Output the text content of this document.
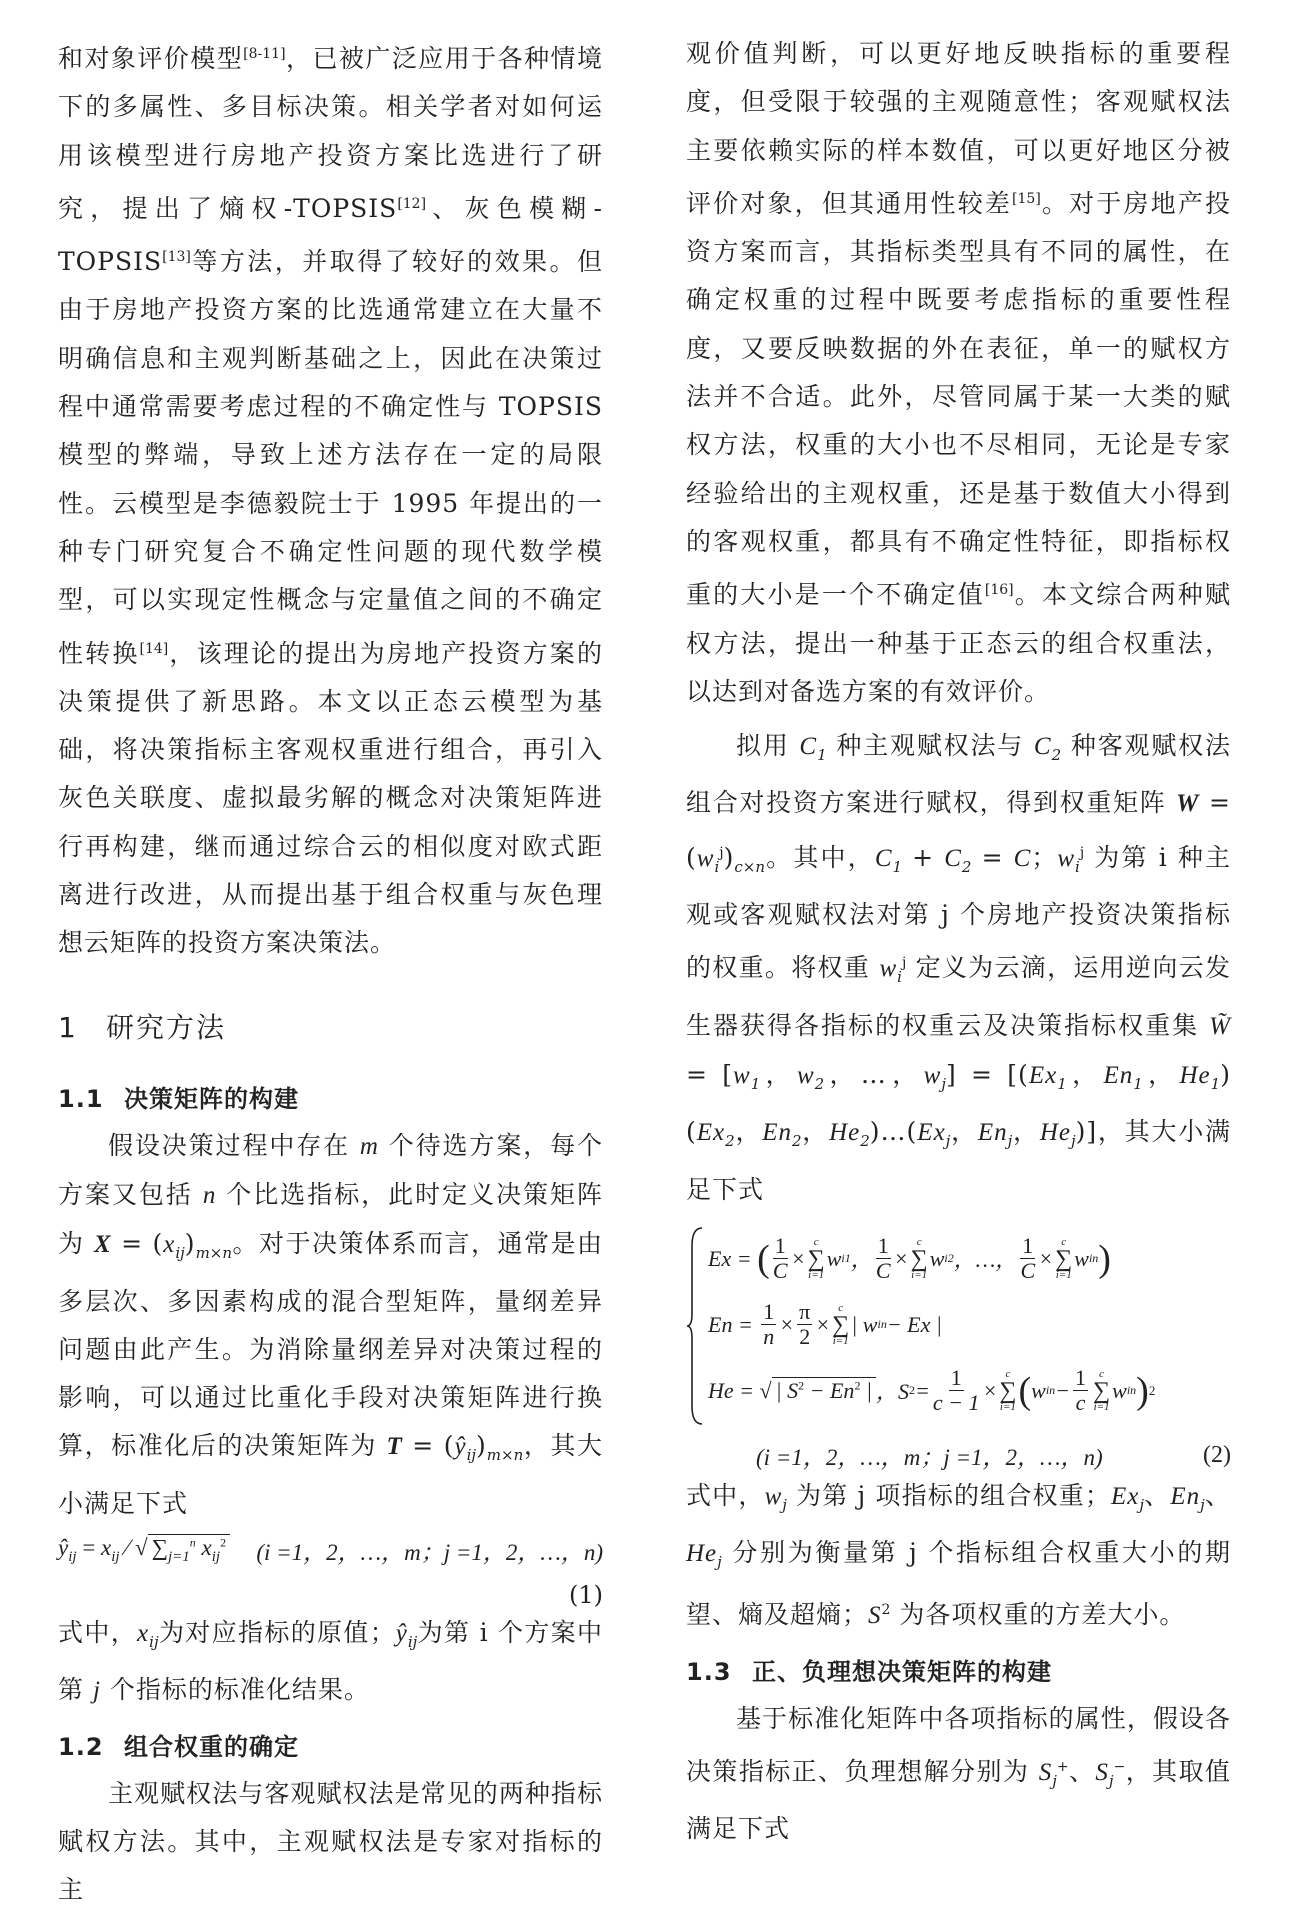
和对象评价模型[8-11]，已被广泛应用于各种情境下的多属性、多目标决策。相关学者对如何运用该模型进行房地产投资方案比选进行了研究，提出了熵权-TOPSIS[12]、灰色模糊-TOPSIS[13]等方法，并取得了较好的效果。但由于房地产投资方案的比选通常建立在大量不明确信息和主观判断基础之上，因此在决策过程中通常需要考虑过程的不确定性与 TOPSIS 模型的弊端，导致上述方法存在一定的局限性。云模型是李德毅院士于 1995 年提出的一种专门研究复合不确定性问题的现代数学模型，可以实现定性概念与定量值之间的不确定性转换[14]，该理论的提出为房地产投资方案的决策提供了新思路。本文以正态云模型为基础，将决策指标主客观权重进行组合，再引入灰色关联度、虚拟最劣解的概念对决策矩阵进行再构建，继而通过综合云的相似度对欧式距离进行改进，从而提出基于组合权重与灰色理想云矩阵的投资方案决策法。

1 研究方法
1.1 决策矩阵的构建

假设决策过程中存在 m 个待选方案，每个方案又包括 n 个比选指标，此时定义决策矩阵为 $X = (x_{ij})_{m\times n}$。对于决策体系而言，通常是由多层次、多因素构成的混合型矩阵，量纲差异问题由此产生。为消除量纲差异对决策过程的影响，可以通过比重化手段对决策矩阵进行换算，标准化后的决策矩阵为 $T = (ŷ_{ij})_{m\times n}$，其大小满足下式

$ŷ_{ij} = x_{ij}$ ⁄ √ $\sum_{j=1}^n$ $x_{ij}^2$ (i =1，2，…，m；j =1，2，…，n)
(1)

式中，$x_{ij}$为对应指标的原值；$ŷ_{ij}$为第 i 个方案中第 j 个指标的标准化结果。

1.2 组合权重的确定

主观赋权法与客观赋权法是常见的两种指标赋权方法。其中，主观赋权法是专家对指标的主

观价值判断，可以更好地反映指标的重要程度，但受限于较强的主观随意性；客观赋权法主要依赖实际的样本数值，可以更好地区分被评价对象，但其通用性较差[15]。对于房地产投资方案而言，其指标类型具有不同的属性，在确定权重的过程中既要考虑指标的重要性程度，又要反映数据的外在表征，单一的赋权方法并不合适。此外，尽管同属于某一大类的赋权方法，权重的大小也不尽相同，无论是专家经验给出的主观权重，还是基于数值大小得到的客观权重，都具有不确定性特征，即指标权重的大小是一个不确定值[16]。本文综合两种赋权方法，提出一种基于正态云的组合权重法，以达到对备选方案的有效评价。

拟用 $C_1$ 种主观赋权法与 $C_2$ 种客观赋权法组合对投资方案进行赋权，得到权重矩阵 $W = (w_i^j)_{c\times n}$。其中，$C_1 + C_2 = C$；$w_i^j$ 为第 i 种主观或客观赋权法对第 j 个房地产投资决策指标的权重。将权重 $w_i^j$ 定义为云滴，运用逆向云发生器获得各指标的权重云及决策指标权重集 W̃ = [$w_1$，$w_2$，…，$w_j] = [(Ex_1$，$En_1$，$He_1)(Ex_2$，$En_2$，$He_2)\dots(Ex_j$，$En_j$，$He_j$)]，其大小满足下式

Ex = ( $\frac{1}{C}$ ×
c
∑
i=1
w i 1 ， $\frac{1}{C}$ ×
c
∑
i=1
w i 2 ，…， $\frac{1}{C}$ ×
c
∑
i=1
w i n )
$En = \frac{1}{n} \times \frac{\pi}{2}$ ×
c
∑
i=1
| w i n − Ex |
He = √ | $S^2 - En^2$ | ，S $2 = \frac{1}{c - 1}$ ×
c
∑
i=1 ( w i $n - \frac{1}{c}$ c
∑
i=1
w i n ) 2
(i =1，2，…，m；j =1，2，…，n)	(2)

式中，$w_j$ 为第 j 项指标的组合权重；$Ex_j$、$En_j$、$He_j$ 分别为衡量第 j 个指标组合权重大小的期望、熵及超熵；$S^2$ 为各项权重的方差大小。

1.3 正、负理想决策矩阵的构建

基于标准化矩阵中各项指标的属性，假设各决策指标正、负理想解分别为 $S_j^+$、$S_j^-$，其取值满足下式
